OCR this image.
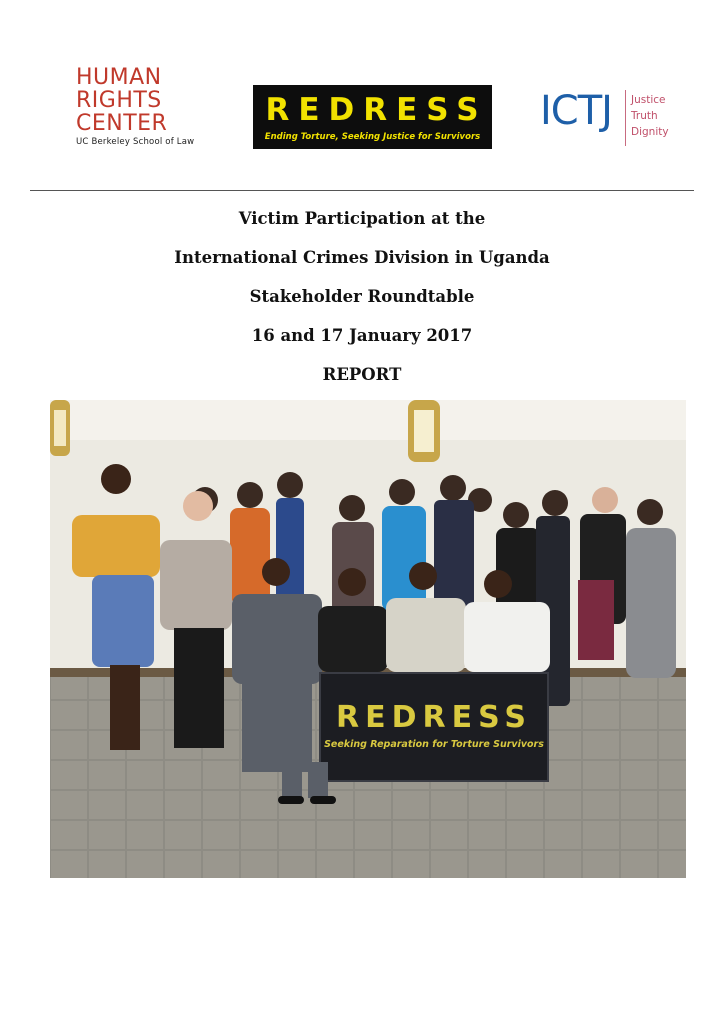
HUMAN
RIGHTS
CENTER
UC Berkeley School of Law
REDRESS
Ending Torture, Seeking Justice for Survivors
ICTJ Justice
Truth
Dignity
Victim Participation at the
International Crimes Division in Uganda
Stakeholder Roundtable
16 and 17 January 2017
REPORT
REDRESS
Seeking Reparation for Torture Survivors
